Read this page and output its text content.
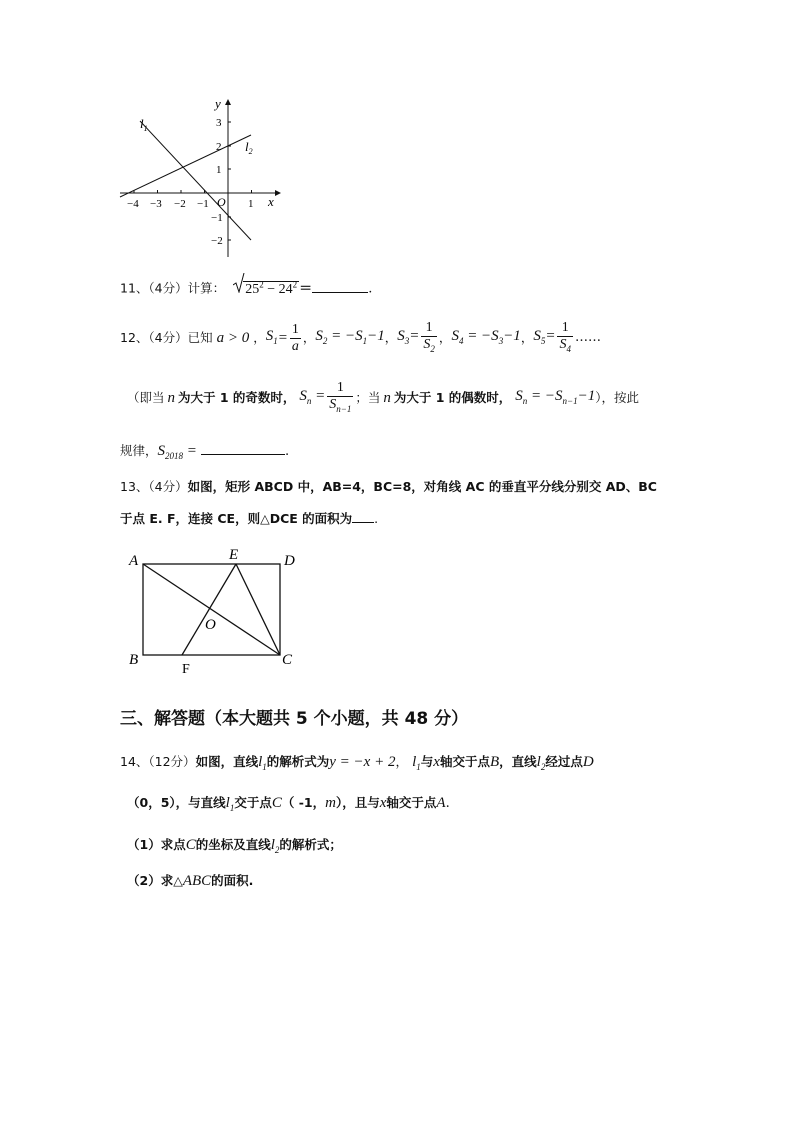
y
x
O
$l_1$
$l_2$
−4 −3 −2 −1	1
3
2
1
−1
−2
11、（4分）计算： $25^2 - 24^2$ ＝	.
12、（4分） 已知 a > 0 ， $S_1 = \frac{1}{a}$ ， $S_2 = -S_1-1$ ， $S_3= \frac{1}{S_2}$ ， $S_4 = -S_3-1$ ， $S_5= \frac{1}{S_4}$ ……
（即当 n 为大于 1 的奇数时， $S_n = \frac{1}{S_{n-1}}$ ；当 n 为大于 1 的偶数时， $S_n = -S_{n-1}-1$ ），按此
规律，$S_{2018}$ =	.
13、（4分）如图，矩形 ABCD 中，AB=4，BC=8，对角线 AC 的垂直平分线分别交 AD、BC
于点 E. F，连接 CE，则△DCE 的面积为 .
A	E	D
O
B
F
C
三、解答题（本大题共 5 个小题，共 48 分）
14、（12分）如图，直线$l_1$的解析式为y = −x + 2， $l_1$与x轴交于点B，直线$l_2$经过点D
（0，5），与直线$l_1$交于点C（ -1，m），且与x轴交于点A.
（1）求点C的坐标及直线$l_2$的解析式；
（2）求△ABC的面积.
